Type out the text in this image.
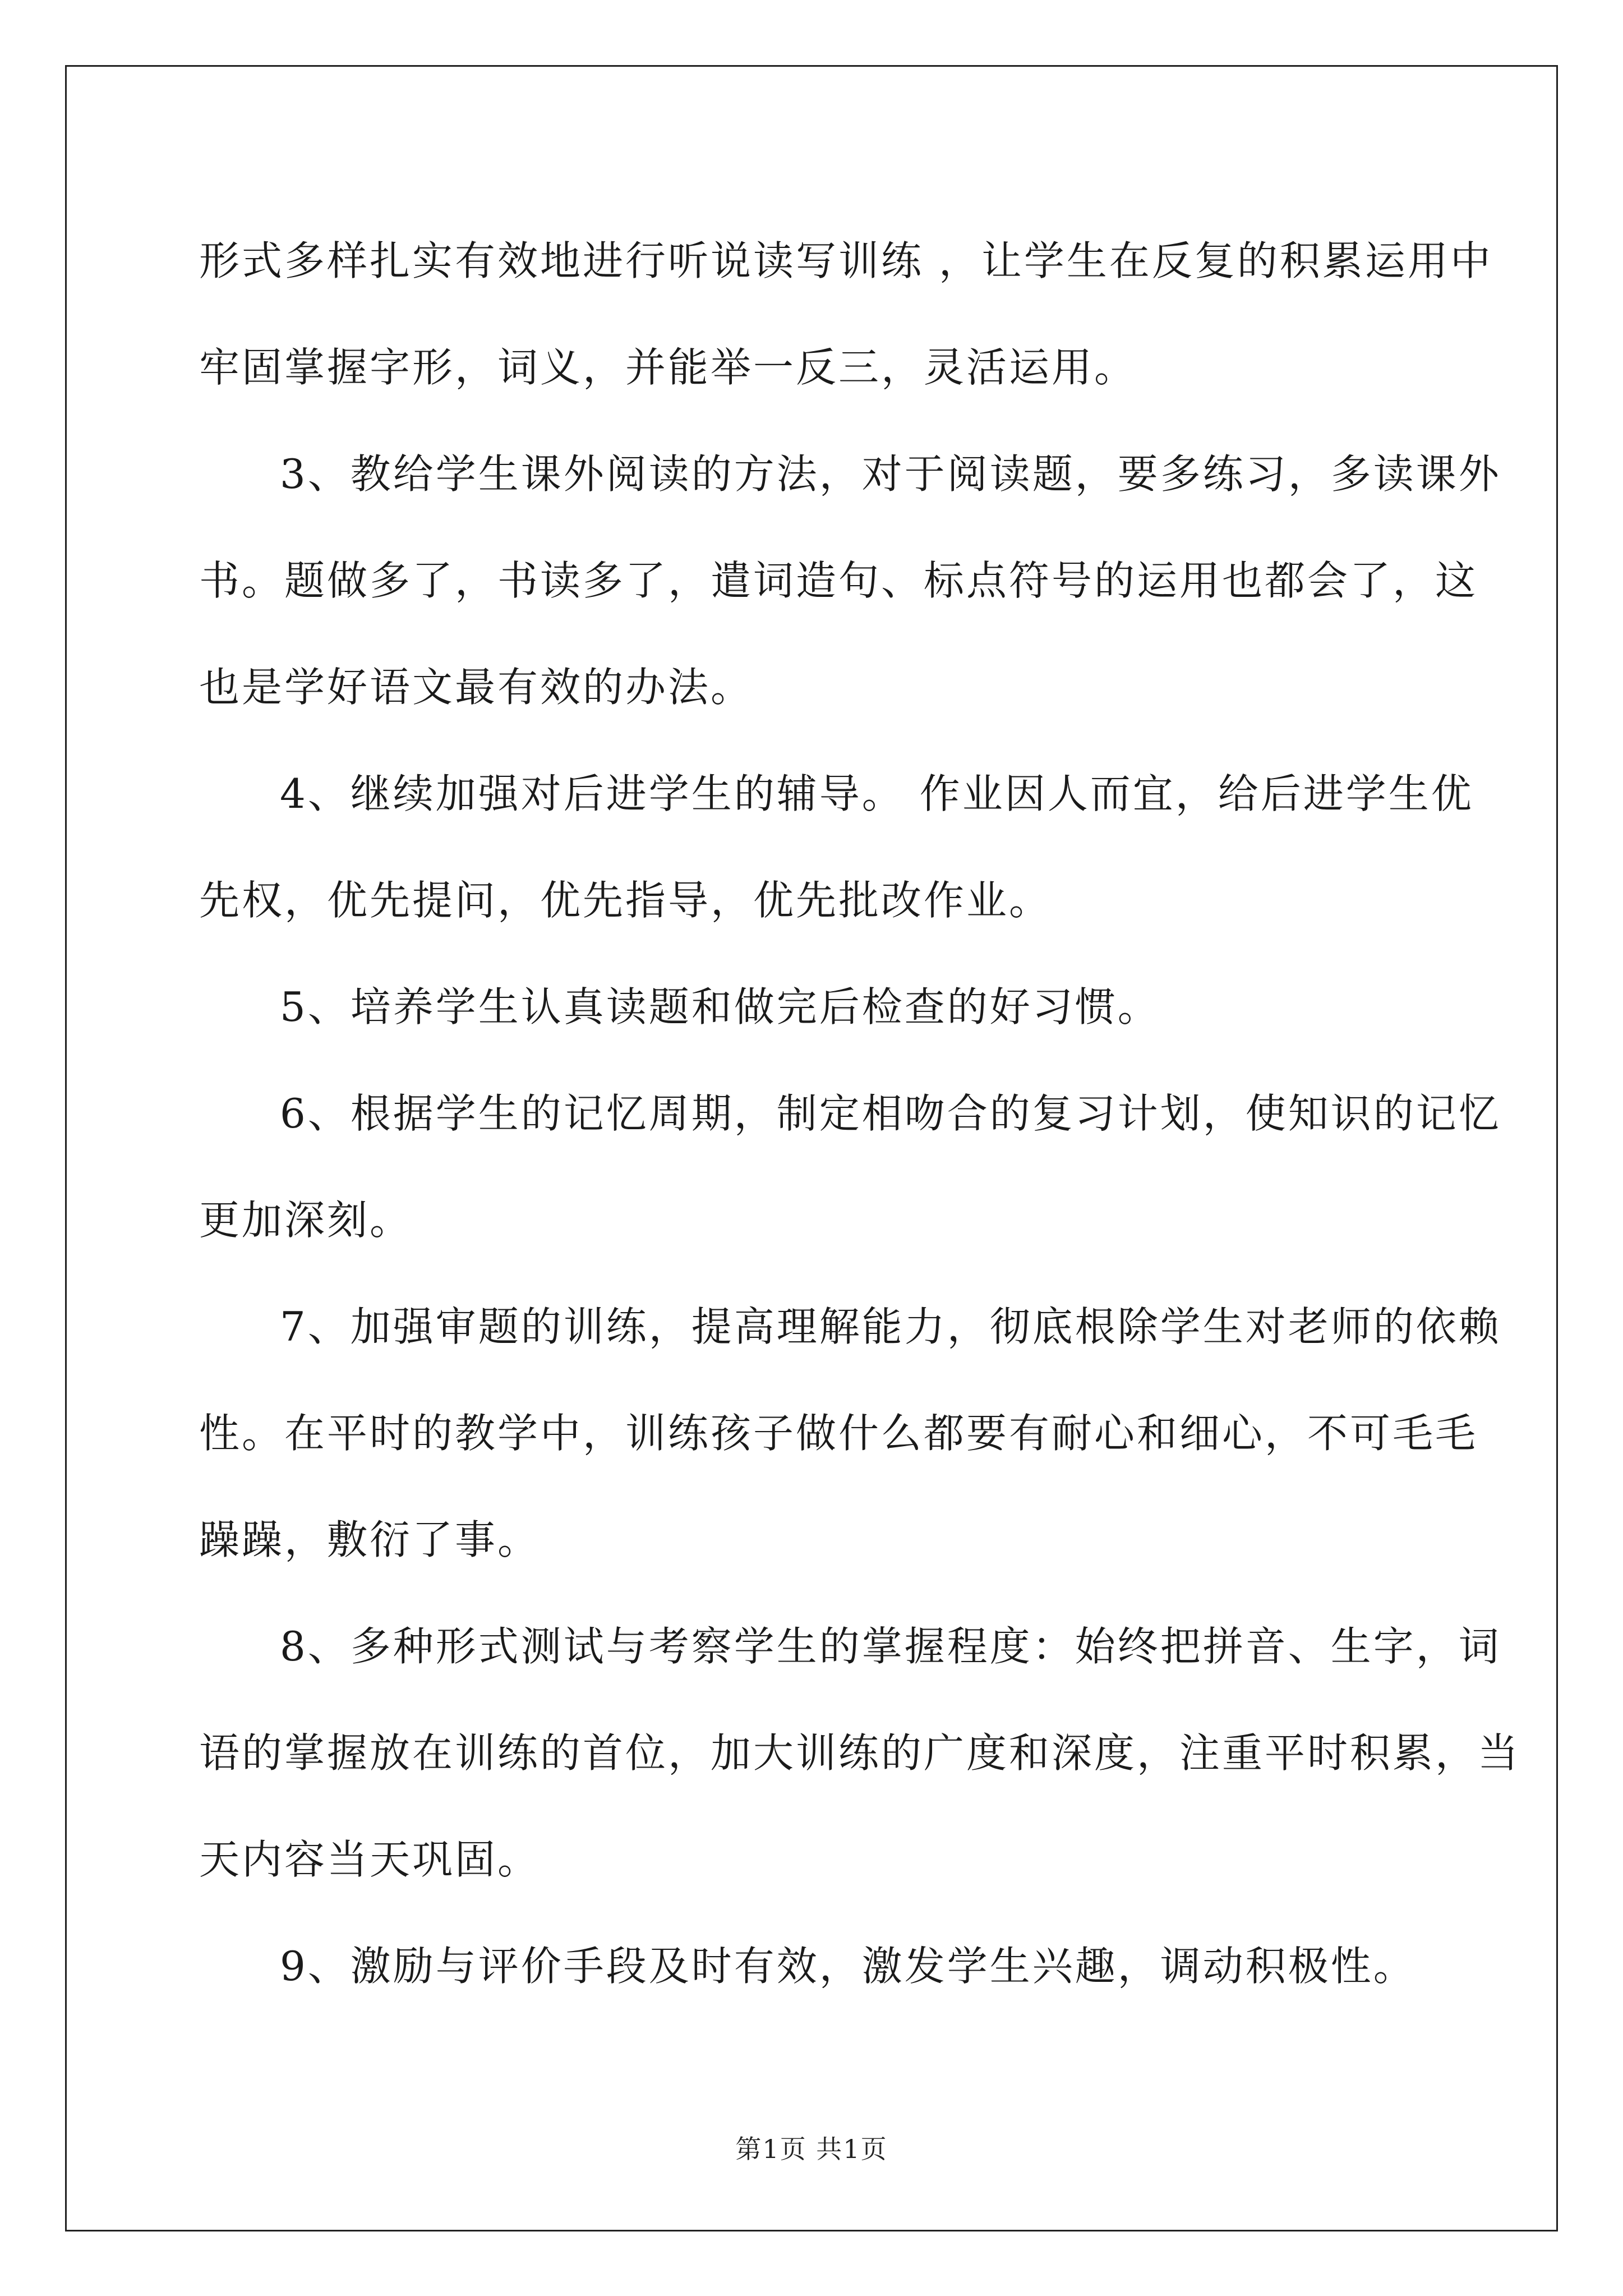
形式多样扎实有效地进行听说读写训练 ，让学生在反复的积累运用中
牢固掌握字形，词义，并能举一反三，灵活运用。
3、教给学生课外阅读的方法，对于阅读题，要多练习，多读课外
书。题做多了，书读多了，遣词造句、标点符号的运用也都会了，这
也是学好语文最有效的办法。
4、继续加强对后进学生的辅导。 作业因人而宜，给后进学生优
先权，优先提问，优先指导，优先批改作业。
5、培养学生认真读题和做完后检查的好习惯。
6、根据学生的记忆周期，制定相吻合的复习计划，使知识的记忆
更加深刻。
7、加强审题的训练，提高理解能力，彻底根除学生对老师的依赖
性。在平时的教学中，训练孩子做什么都要有耐心和细心，不可毛毛
躁躁，敷衍了事。
8、多种形式测试与考察学生的掌握程度：始终把拼音、生字，词
语的掌握放在训练的首位，加大训练的广度和深度，注重平时积累，当
天内容当天巩固。
9、激励与评价手段及时有效，激发学生兴趣，调动积极性。
第1页 共1页
